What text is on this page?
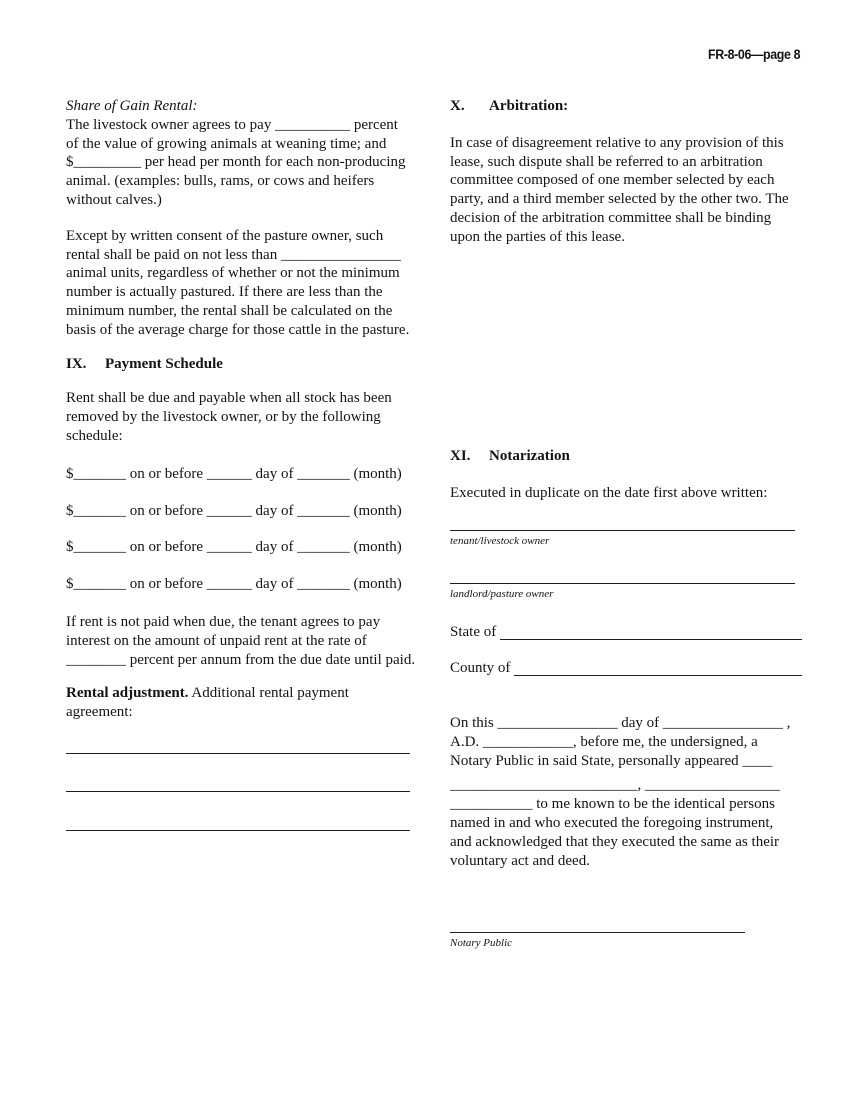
FR-8-06—page 8
Share of Gain Rental:
The livestock owner agrees to pay __________ percent
of the value of growing animals at weaning time; and
$_________ per head per month for each non-producing
animal. (examples: bulls, rams, or cows and heifers
without calves.)
Except by written consent of the pasture owner, such
rental shall be paid on not less than ________________
animal units, regardless of whether or not the minimum
number is actually pastured. If there are less than the
minimum number, the rental shall be calculated on the
basis of the average charge for those cattle in the pasture.
IX.	Payment Schedule
Rent shall be due and payable when all stock has been
removed by the livestock owner, or by the following
schedule:
$_______ on or before ______ day of _______ (month)
$_______ on or before ______ day of _______ (month)
$_______ on or before ______ day of _______ (month)
$_______ on or before ______ day of _______ (month)
If rent is not paid when due, the tenant agrees to pay
interest on the amount of unpaid rent at the rate of
________ percent per annum from the due date until paid.
Rental adjustment. Additional rental payment
agreement:
X.	Arbitration:
In case of disagreement relative to any provision of this
lease, such dispute shall be referred to an arbitration
committee composed of one member selected by each
party, and a third member selected by the other two. The
decision of the arbitration committee shall be binding
upon the parties of this lease.
XI.	Notarization
Executed in duplicate on the date first above written:
tenant/livestock owner
landlord/pasture owner
State of
County of
On this ________________ day of ________________ ,
A.D. ____________, before me, the undersigned, a
Notary Public in said State, personally appeared ____
_________________________, __________________
___________ to me known to be the identical persons
named in and who executed the foregoing instrument,
and acknowledged that they executed the same as their
voluntary act and deed.
Notary Public
